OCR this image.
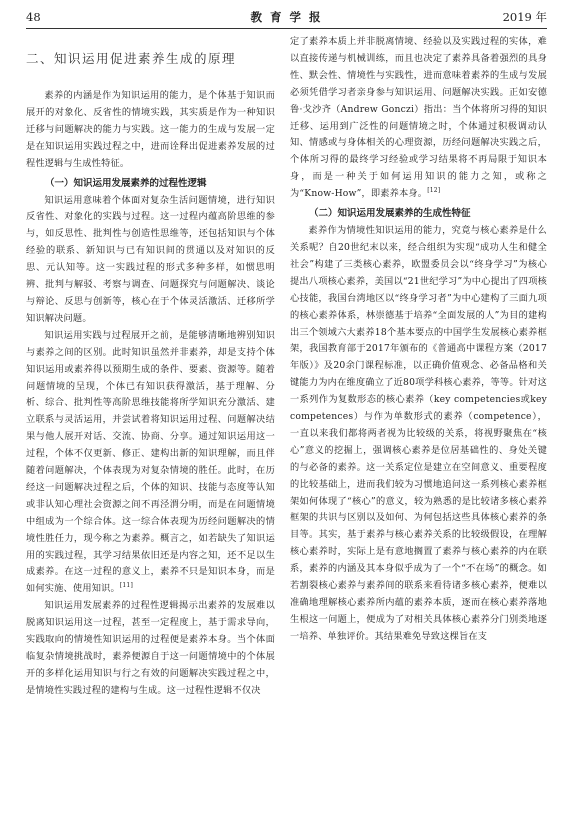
48	教 育 学 报	2019 年
二、知识运用促进素养生成的原理

素养的内涵是作为知识运用的能力，是个体基于知识而展开的对象化、反省性的情境实践，其实质是作为一种知识迁移与问题解决的能力与实践。这一能力的生成与发展一定是在知识运用实践过程之中，进而诠释出促进素养发展的过程性逻辑与生成性特征。

（一）知识运用发展素养的过程性逻辑

知识运用意味着个体面对复杂生活问题情境，进行知识反省性、对象化的实践与过程。这一过程内蕴高阶思维的参与，如反思性、批判性与创造性思维等，还包括知识与个体经验的联系、新知识与已有知识间的贯通以及对知识的反思、元认知等。这一实践过程的形式多种多样，如惯思明辨、批判与解驳、考察与调查、问题探究与问题解决、谈论与辩论、反思与创新等，核心在于个体灵活激活、迁移所学知识解决问题。

知识运用实践与过程展开之前，是能够清晰地辨别知识与素养之间的区别。此时知识虽然并非素养，却是支持个体知识运用或素养得以预期生成的条件、要素、资源等。随着问题情境的呈现，个体已有知识获得激活，基于理解、分析、综合、批判性等高阶思维技能将所学知识充分激活、建立联系与灵活运用，并尝试着将知识运用过程、问题解决结果与他人展开对话、交流、协商、分享。通过知识运用这一过程，个体不仅更新、修正、建构出新的知识理解，而且伴随着问题解决，个体表现为对复杂情境的胜任。此时，在历经这一问题解决过程之后，个体的知识、技能与态度等认知或非认知心理社会资源之间不再泾渭分明，而是在问题情境中组成为一个综合体。这一综合体表现为历经问题解决的情境性胜任力，现今称之为素养。概言之，如若缺失了知识运用的实践过程，其学习结果依旧还是内容之知，还不足以生成素养。在这一过程的意义上，素养不只是知识本身，而是如何实施、使用知识。[11]

知识运用发展素养的过程性逻辑揭示出素养的发展难以脱离知识运用这一过程，甚至一定程度上，基于需求导向，实践取向的情境性知识运用的过程便是素养本身。当个体面临复杂情境挑战时，素养便源自于这一问题情境中的个体展开的多样化运用知识与行之有效的问题解决实践过程之中，是情境性实践过程的建构与生成。这一过程性逻辑不仅决

定了素养本质上并非脱离情境、经验以及实践过程的实体，难以直接传递与机械训练，而且也决定了素养具备着强烈的具身性、默会性、情境性与实践性，进而意味着素养的生成与发展必须凭借学习者亲身参与知识运用、问题解决实践。正如安德鲁·戈沙齐（Andrew Gonczi）指出：当个体将所习得的知识迁移、运用到广泛性的问题情境之时，个体通过积极调动认知、情感或与身体相关的心理资源，历经问题解决实践之后，个体所习得的最终学习经验或学习结果将不再局限于知识本身，而是一种关于如何运用知识的能力之知，或称之为“Know-How”，即素养本身。[12]

（二）知识运用发展素养的生成性特征

素养作为情境性知识运用的能力，究竟与核心素养是什么关系呢？自20世纪末以来，经合组织为实现“成功人生和健全社会”构建了三类核心素养，欧盟委员会以“终身学习”为核心提出八项核心素养，美国以“21世纪学习”为中心提出了四项核心技能，我国台湾地区以“终身学习者”为中心建构了三面九项的核心素养体系，林崇德基于培养“全面发展的人”为目的建构出三个领域六大素养18个基本要点的中国学生发展核心素养框架，我国教育部于2017年颁布的《普通高中课程方案（2017年版）》及20余门课程标准，以正确价值观念、必备品格和关键能力为内在维度确立了近80项学科核心素养，等等。针对这一系列作为复数形态的核心素养（key competencies或key competences）与作为单数形式的素养（competence），一直以来我们都将两者视为比较级的关系，将视野聚焦在“核心”意义的挖掘上，强调核心素养是位居基础性的、身处关键的与必备的素养。这一关系定位是建立在空间意义、重要程度的比较基础上，进而我们较为习惯地追问这一系列核心素养框架如何体现了“核心”的意义，较为熟悉的是比较诸多核心素养框架的共识与区别以及如何、为何包括这些具体核心素养的条目等。其实，基于素养与核心素养关系的比较级假设，在理解核心素养时，实际上是有意地搁置了素养与核心素养的内在联系，素养的内涵及其本身似乎成为了一个“不在场”的概念。如若割裂核心素养与素养间的联系来看待诸多核心素养，便难以准确地理解核心素养所内蕴的素养本质，逐而在核心素养落地生根这一问题上，便成为了对相关具体核心素养分门别类地逐一培养、单独评价。其结果难免导致这棵旨在支
